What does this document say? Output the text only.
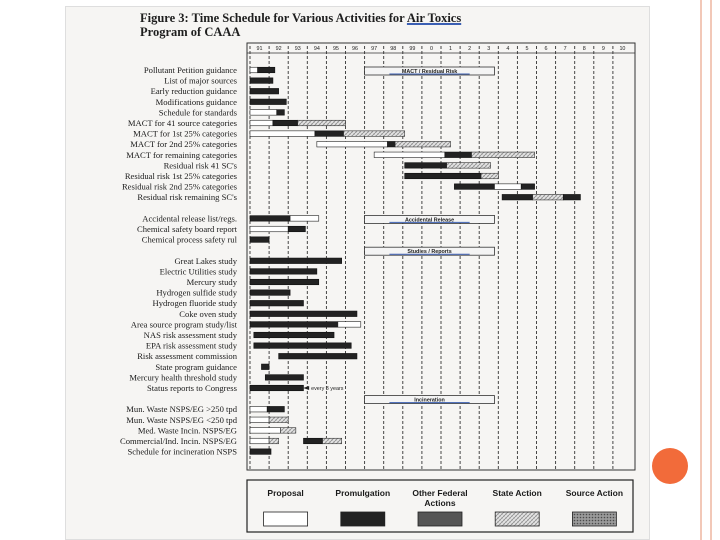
Figure 3: Time Schedule for Various Activities for Air Toxics
Program of CAAA
91 92 93 94 95 96 97 98 99	0	1	2	3	4	5	6	7	8	9	10
MACT / Residual Risk
Accidental Release
Studies / Reports
Incineration
Pollutant Petition guidance
List of major sources
Early reduction guidance
Modifications guidance
Schedule for standards
MACT for 41 source categories
MACT for 1st 25% categories
MACT for 2nd 25% categories
MACT for remaining categories
Residual risk 41 SC's
Residual risk 1st 25% categories
Residual risk 2nd 25% categories
Residual risk remaining SC's
Accidental release list/regs.
Chemical safety board report
Chemical process safety rul
Great Lakes study
Electric Utilities study
Mercury study
Hydrogen sulfide study
Hydrogen fluoride study
Coke oven study
Area source program study/list
NAS risk assessment study
EPA risk assessment study
Risk assessment commission
State program guidance
Mercury health threshold study
Status reports to Congress
Mun. Waste NSPS/EG >250 tpd
Mun. Waste NSPS/EG <250 tpd
Med. Waste Incin. NSPS/EG
Commercial/Ind. Incin. NSPS/EG
Schedule for incineration NSPS
every 3 years
Proposal	Promulgation	Other Federal
Actions
State Action	Source Action
